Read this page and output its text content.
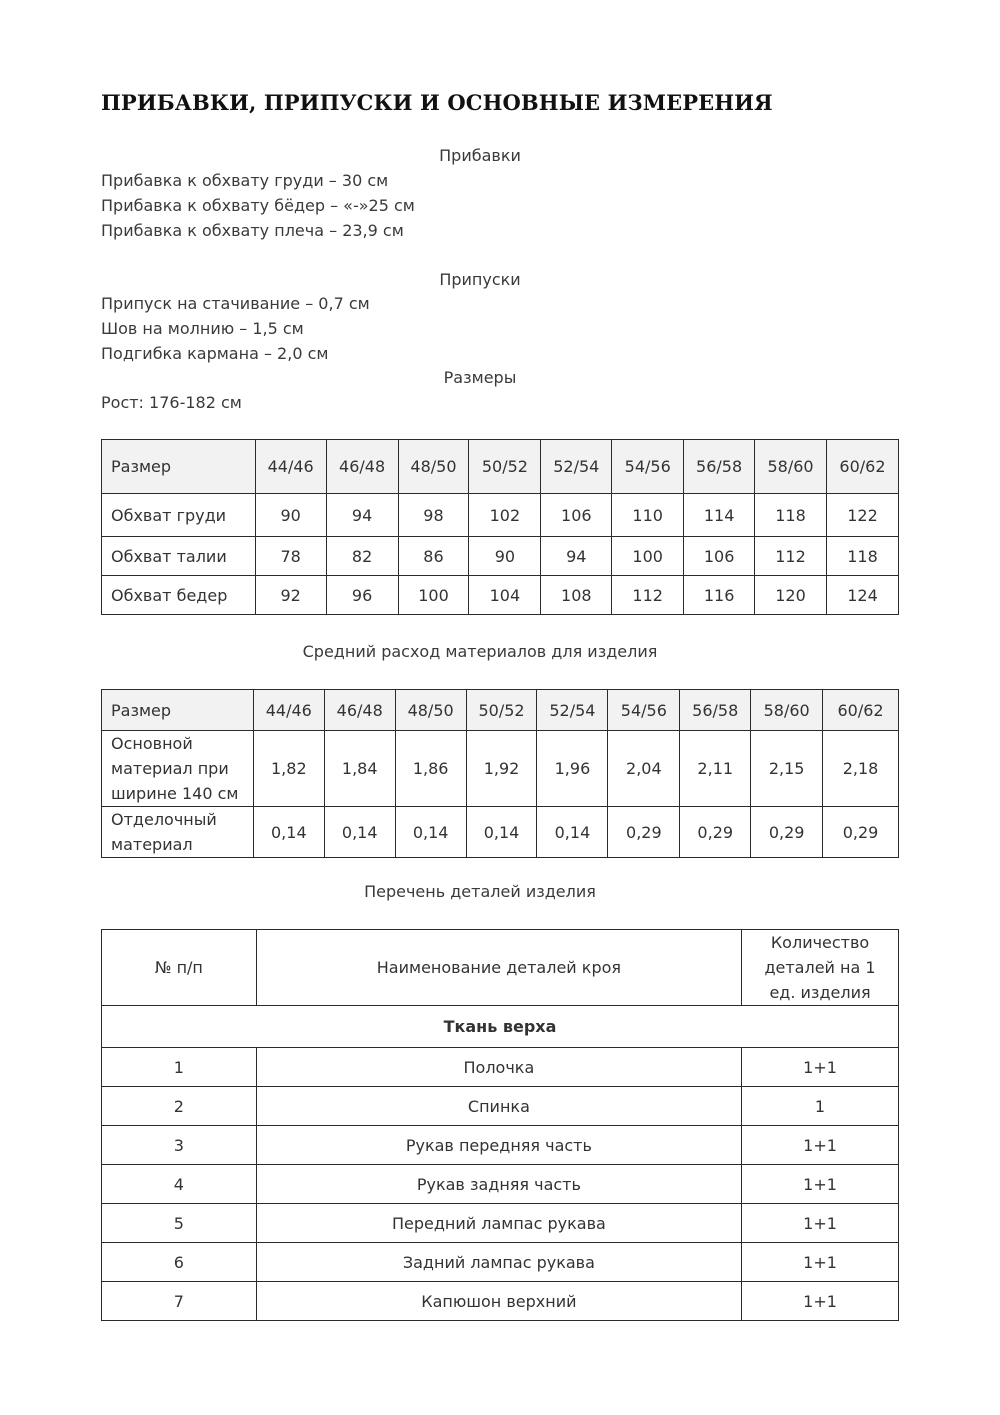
ПРИБАВКИ, ПРИПУСКИ И ОСНОВНЫЕ ИЗМЕРЕНИЯ
Прибавки
Прибавка к обхвату груди – 30 см
Прибавка к обхвату бёдер – «-»25 см
Прибавка к обхвату плеча – 23,9 см
Припуски
Припуск на стачивание – 0,7 см
Шов на молнию – 1,5 см
Подгибка кармана – 2,0 см
Размеры
Рост: 176-182 см
Размер	44/46	46/48	48/50	50/52	52/54	54/56	56/58	58/60	60/62
Обхват груди	90	94	98	102	106	110	114	118	122
Обхват талии	78	82	86	90	94	100	106	112	118
Обхват бедер	92	96	100	104	108	112	116	120	124
Средний расход материалов для изделия
Размер	44/46	46/48	48/50	50/52	52/54	54/56	56/58	58/60	60/62
Основной материал при ширине 140 см	1,82	1,84	1,86	1,92	1,96	2,04	2,11	2,15	2,18
Отделочный материал	0,14	0,14	0,14	0,14	0,14	0,29	0,29	0,29	0,29
Перечень деталей изделия
№ п/п	Наименование деталей кроя	Количество деталей на 1 ед. изделия
Ткань верха		
1	Полочка	1+1
2	Спинка	1
3	Рукав передняя часть	1+1
4	Рукав задняя часть	1+1
5	Передний лампас рукава	1+1
6	Задний лампас рукава	1+1
7	Капюшон верхний	1+1
